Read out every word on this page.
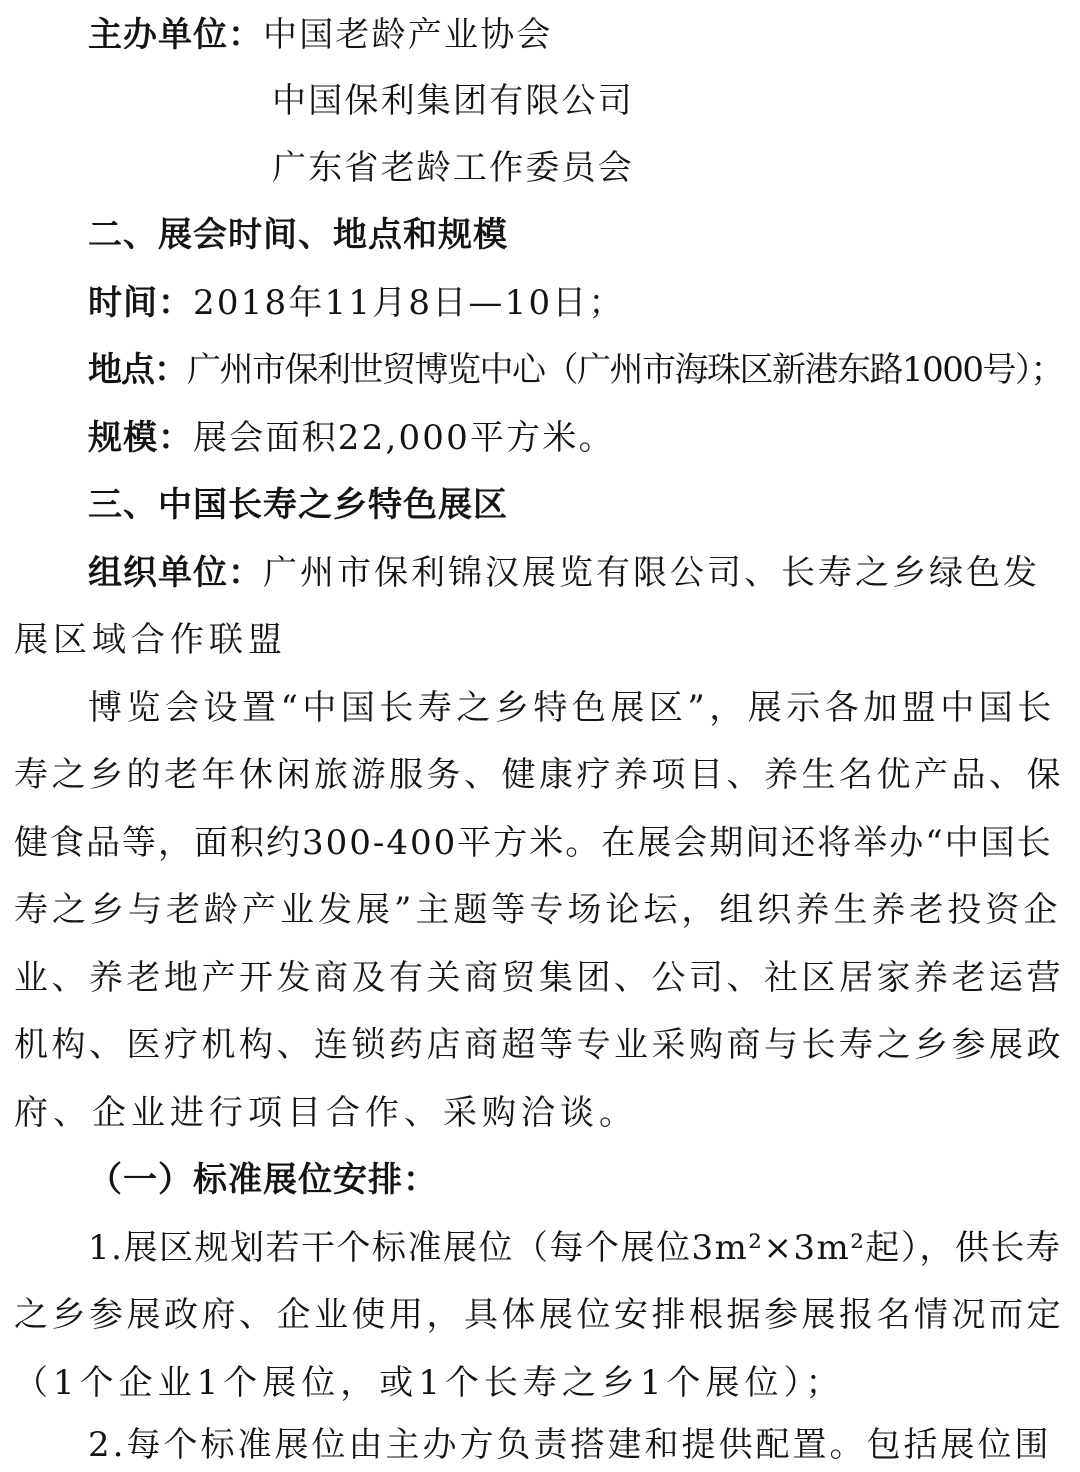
主办单位：中国老龄产业协会
中国保利集团有限公司
广东省老龄工作委员会
二、展会时间、地点和规模
时间：2018年11月8日—10日；
地点：广州市保利世贸博览中心（广州市海珠区新港东路1000号）；
规模：展会面积22,000平方米。
三、中国长寿之乡特色展区
组织单位：广州市保利锦汉展览有限公司、长寿之乡绿色发
展区域合作联盟
博览会设置“中国长寿之乡特色展区”，展示各加盟中国长
寿之乡的老年休闲旅游服务、健康疗养项目、养生名优产品、保
健食品等，面积约300-400平方米。在展会期间还将举办“中国长
寿之乡与老龄产业发展”主题等专场论坛，组织养生养老投资企
业、养老地产开发商及有关商贸集团、公司、社区居家养老运营
机构、医疗机构、连锁药店商超等专业采购商与长寿之乡参展政
府、企业进行项目合作、采购洽谈。
（一）标准展位安排：
1.展区规划若干个标准展位（每个展位3m²×3m²起），供长寿
之乡参展政府、企业使用，具体展位安排根据参展报名情况而定
（1个企业1个展位，或1个长寿之乡1个展位）；
2.每个标准展位由主办方负责搭建和提供配置。包括展位围
